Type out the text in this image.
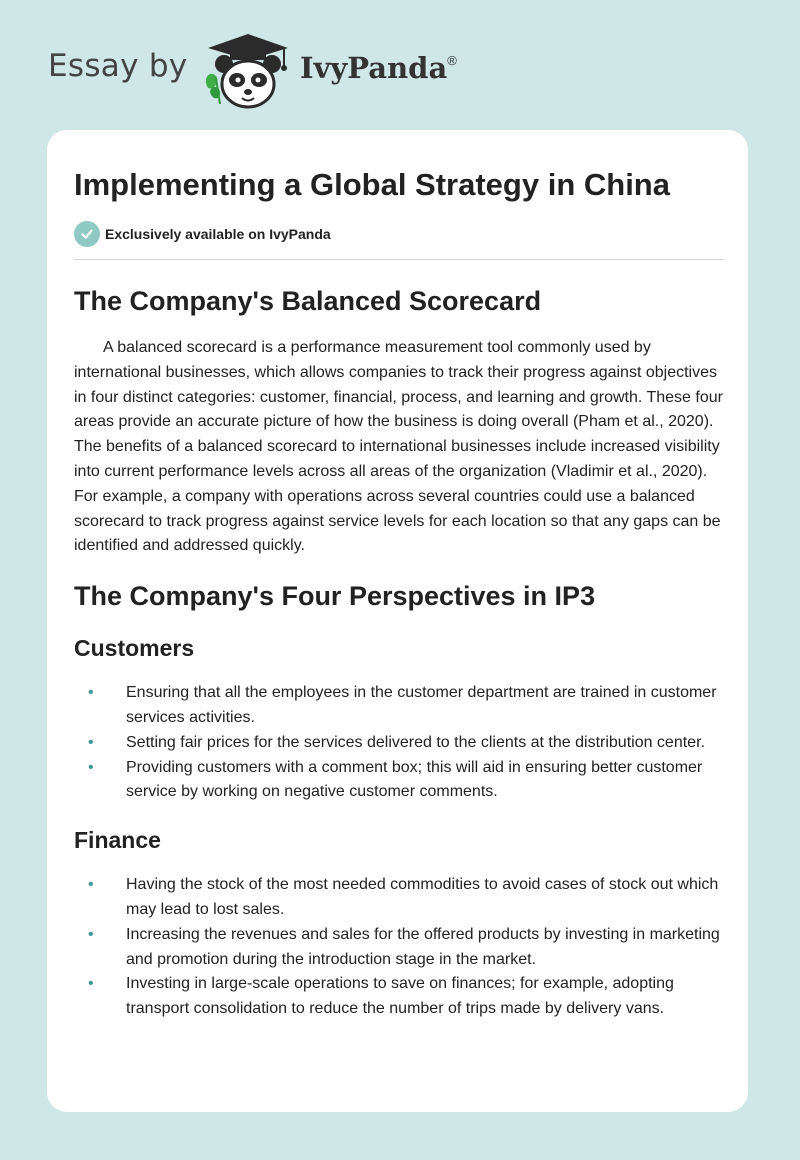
Essay by	IvyPanda®
Implementing a Global Strategy in China
Exclusively available on IvyPanda
The Company's Balanced Scorecard

A balanced scorecard is a performance measurement tool commonly used by international businesses, which allows companies to track their progress against objectives in four distinct categories: customer, financial, process, and learning and growth. These four areas provide an accurate picture of how the business is doing overall (Pham et al., 2020). The benefits of a balanced scorecard to international businesses include increased visibility into current performance levels across all areas of the organization (Vladimir et al., 2020). For example, a company with operations across several countries could use a balanced scorecard to track progress against service levels for each location so that any gaps can be identified and addressed quickly.

The Company's Four Perspectives in IP3
Customers
• Ensuring that all the employees in the customer department are trained in customer services activities.
• Setting fair prices for the services delivered to the clients at the distribution center.
• Providing customers with a comment box; this will aid in ensuring better customer service by working on negative customer comments.
Finance
• Having the stock of the most needed commodities to avoid cases of stock out which may lead to lost sales.
• Increasing the revenues and sales for the offered products by investing in marketing and promotion during the introduction stage in the market.
• Investing in large-scale operations to save on finances; for example, adopting transport consolidation to reduce the number of trips made by delivery vans.
